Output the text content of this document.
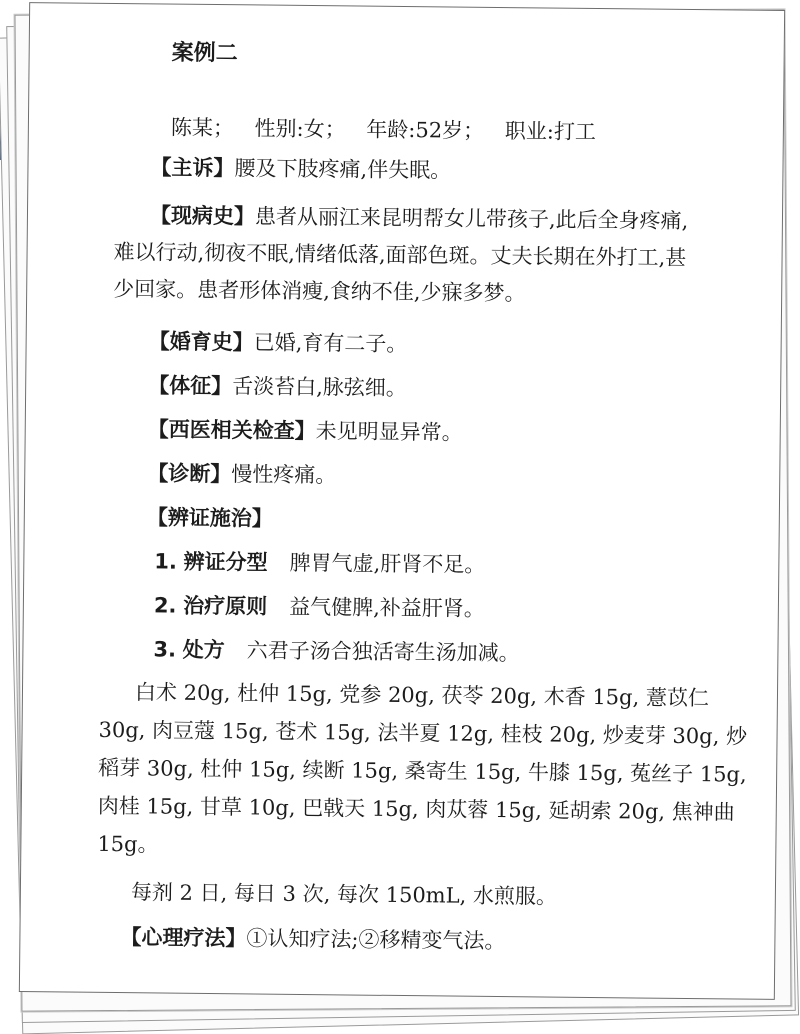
案例二
陈某； 性别:女； 年龄:52岁； 职业:打工
【主诉】腰及下肢疼痛,伴失眠。
【现病史】患者从丽江来昆明帮女儿带孩子,此后全身疼痛,
难以行动,彻夜不眠,情绪低落,面部色斑。丈夫长期在外打工,甚
少回家。患者形体消瘦,食纳不佳,少寐多梦。
【婚育史】已婚,育有二子。
【体征】舌淡苔白,脉弦细。
【西医相关检查】未见明显异常。
【诊断】慢性疼痛。
【辨证施治】
1. 辨证分型 脾胃气虚,肝肾不足。
2. 治疗原则 益气健脾,补益肝肾。
3. 处方 六君子汤合独活寄生汤加减。
白术 20g, 杜仲 15g, 党参 20g, 茯苓 20g, 木香 15g, 薏苡仁
30g, 肉豆蔻 15g, 苍术 15g, 法半夏 12g, 桂枝 20g, 炒麦芽 30g, 炒
稻芽 30g, 杜仲 15g, 续断 15g, 桑寄生 15g, 牛膝 15g, 菟丝子 15g,
肉桂 15g, 甘草 10g, 巴戟天 15g, 肉苁蓉 15g, 延胡索 20g, 焦神曲
15g。
每剂 2 日, 每日 3 次, 每次 150mL, 水煎服。
【心理疗法】①认知疗法;②移精变气法。
